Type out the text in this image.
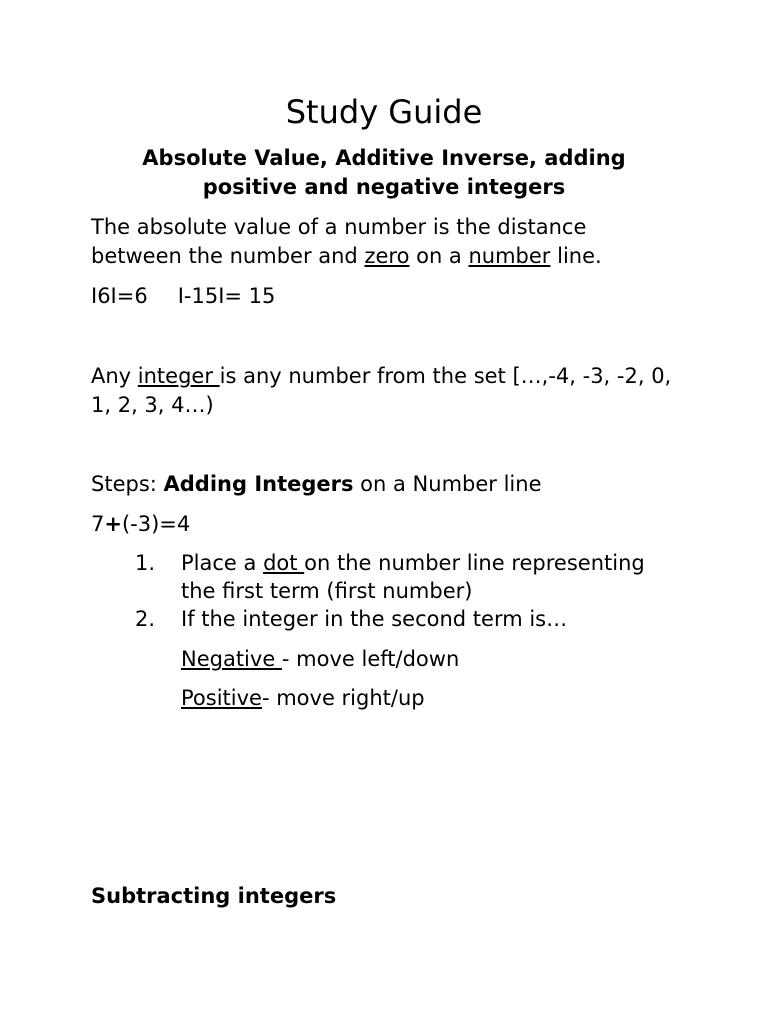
Study Guide
Absolute Value, Additive Inverse, adding positive and negative integers

The absolute value of a number is the distance between the number and zero on a number line.

I6I=6 I-15I= 15

Any integer is any number from the set […,-4, -3, -2, 0, 1, 2, 3, 4…)

Steps: Adding Integers on a Number line

7+(-3)=4

1. Place a dot on the number line representing the first term (first number)
2. If the integer in the second term is…
Negative - move left/down
Positive- move right/up
Subtracting integers
